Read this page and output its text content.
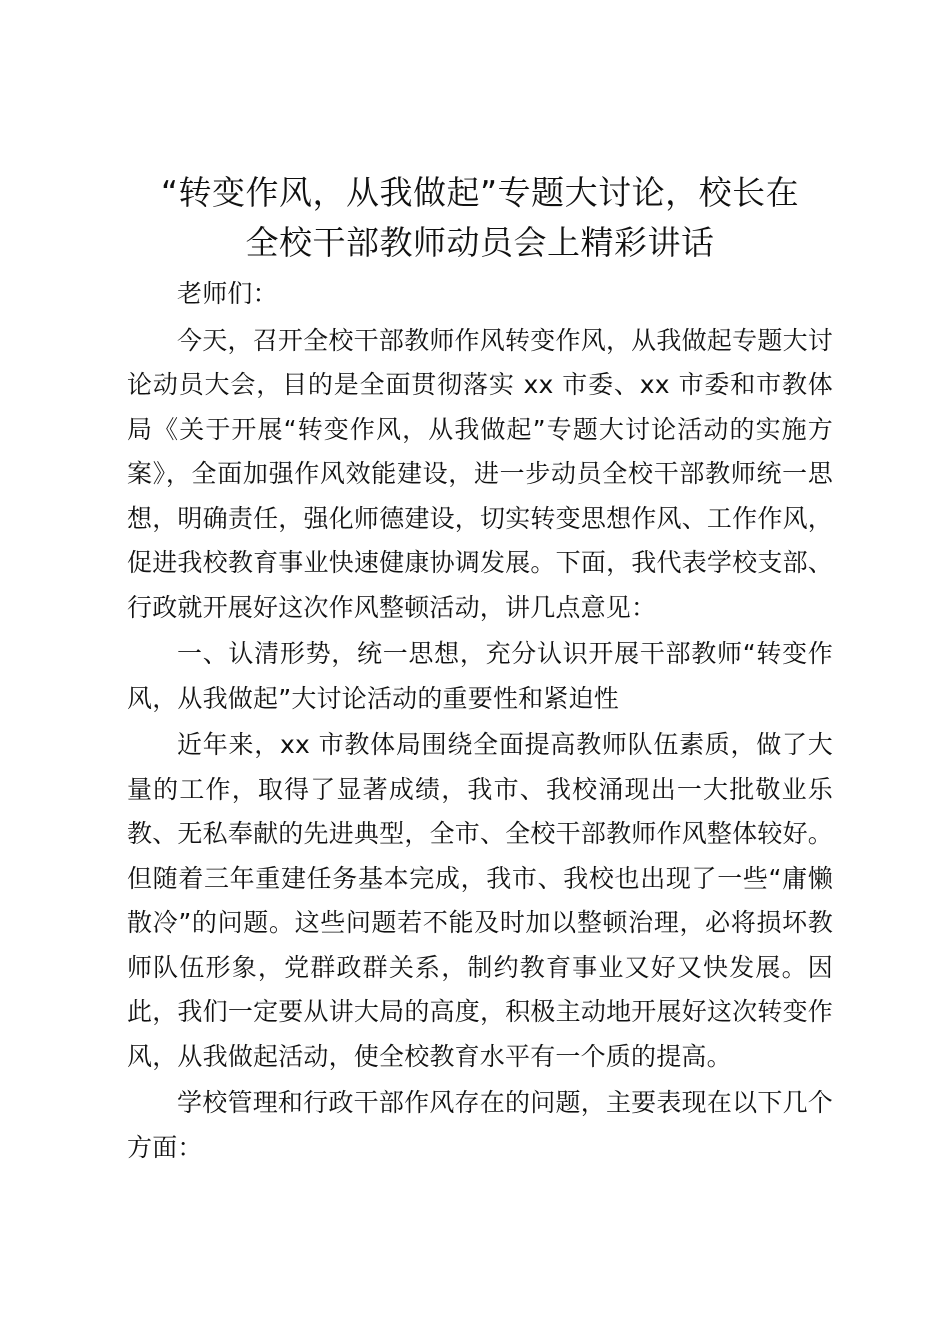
“转变作风，从我做起”专题大讨论，校长在
全校干部教师动员会上精彩讲话

老师们：

今天，召开全校干部教师作风转变作风，从我做起专题大讨论动员大会，目的是全面贯彻落实 xx 市委、xx 市委和市教体局《关于开展“转变作风，从我做起”专题大讨论活动的实施方案》，全面加强作风效能建设，进一步动员全校干部教师统一思想，明确责任，强化师德建设，切实转变思想作风、工作作风，促进我校教育事业快速健康协调发展。下面，我代表学校支部、行政就开展好这次作风整顿活动，讲几点意见：

一、认清形势，统一思想，充分认识开展干部教师“转变作风，从我做起”大讨论活动的重要性和紧迫性

近年来，xx 市教体局围绕全面提高教师队伍素质，做了大量的工作，取得了显著成绩，我市、我校涌现出一大批敬业乐教、无私奉献的先进典型，全市、全校干部教师作风整体较好。但随着三年重建任务基本完成，我市、我校也出现了一些“庸懒散冷”的问题。这些问题若不能及时加以整顿治理，必将损坏教师队伍形象，党群政群关系，制约教育事业又好又快发展。因此，我们一定要从讲大局的高度，积极主动地开展好这次转变作风，从我做起活动，使全校教育水平有一个质的提高。

学校管理和行政干部作风存在的问题，主要表现在以下几个方面：
